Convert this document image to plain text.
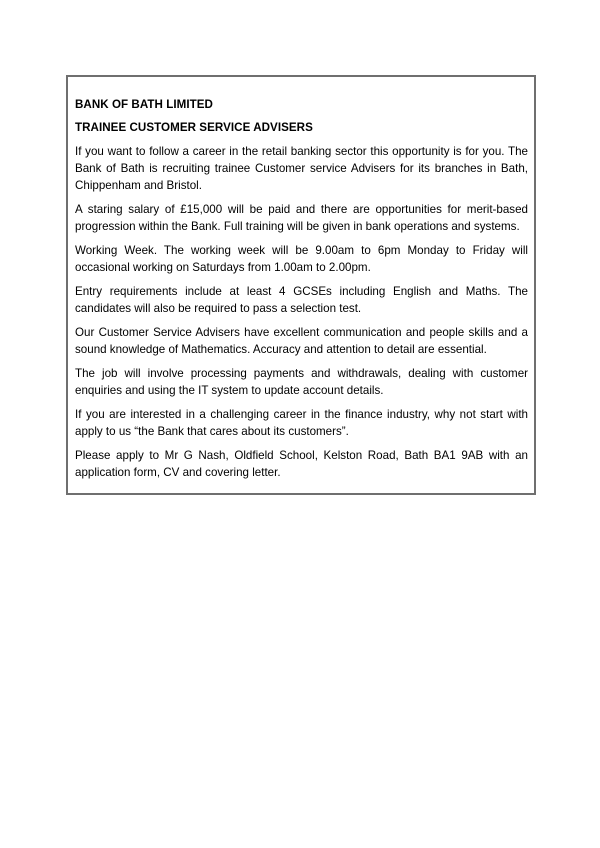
BANK OF BATH LIMITED
TRAINEE CUSTOMER SERVICE ADVISERS
If you want to follow a career in the retail banking sector this opportunity is for you. The Bank of Bath is recruiting trainee Customer service Advisers for its branches in Bath, Chippenham and Bristol.
A staring salary of £15,000 will be paid and there are opportunities for merit-based progression within the Bank. Full training will be given in bank operations and systems.
Working Week. The working week will be 9.00am to 6pm Monday to Friday will occasional working on Saturdays from 1.00am to 2.00pm.
Entry requirements include at least 4 GCSEs including English and Maths. The candidates will also be required to pass a selection test.
Our Customer Service Advisers have excellent communication and people skills and a sound knowledge of Mathematics. Accuracy and attention to detail are essential.
The job will involve processing payments and withdrawals, dealing with customer enquiries and using the IT system to update account details.
If you are interested in a challenging career in the finance industry, why not start with apply to us “the Bank that cares about its customers”.
Please apply to Mr G Nash, Oldfield School, Kelston Road, Bath BA1 9AB with an application form, CV and covering letter.
